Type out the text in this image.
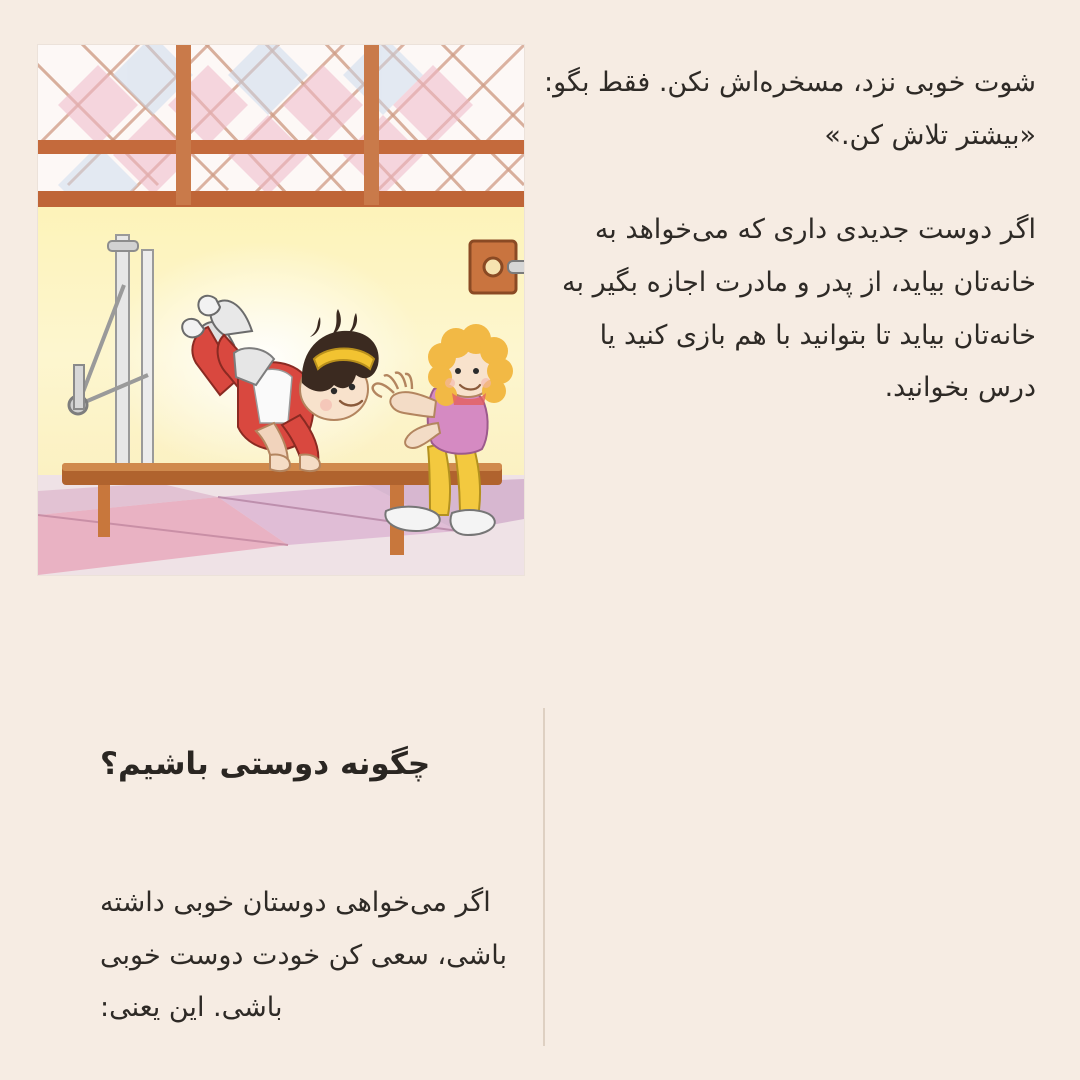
شوت خوبی نزد، مسخره‌اش نکن. فقط بگو: «بیشتر تلاش کن.»

اگر دوست جدیدی داری که می‌خواهد به خانه‌تان بیاید، از پدر و مادرت اجازه بگیر به خانه‌تان بیاید تا بتوانید با هم بازی کنید یا درس بخوانید.

چگونه دوستی باشیم؟

اگر می‌خواهی دوستان خوبی داشته باشی، سعی کن خودت دوست خوبی باشی. این یعنی:
